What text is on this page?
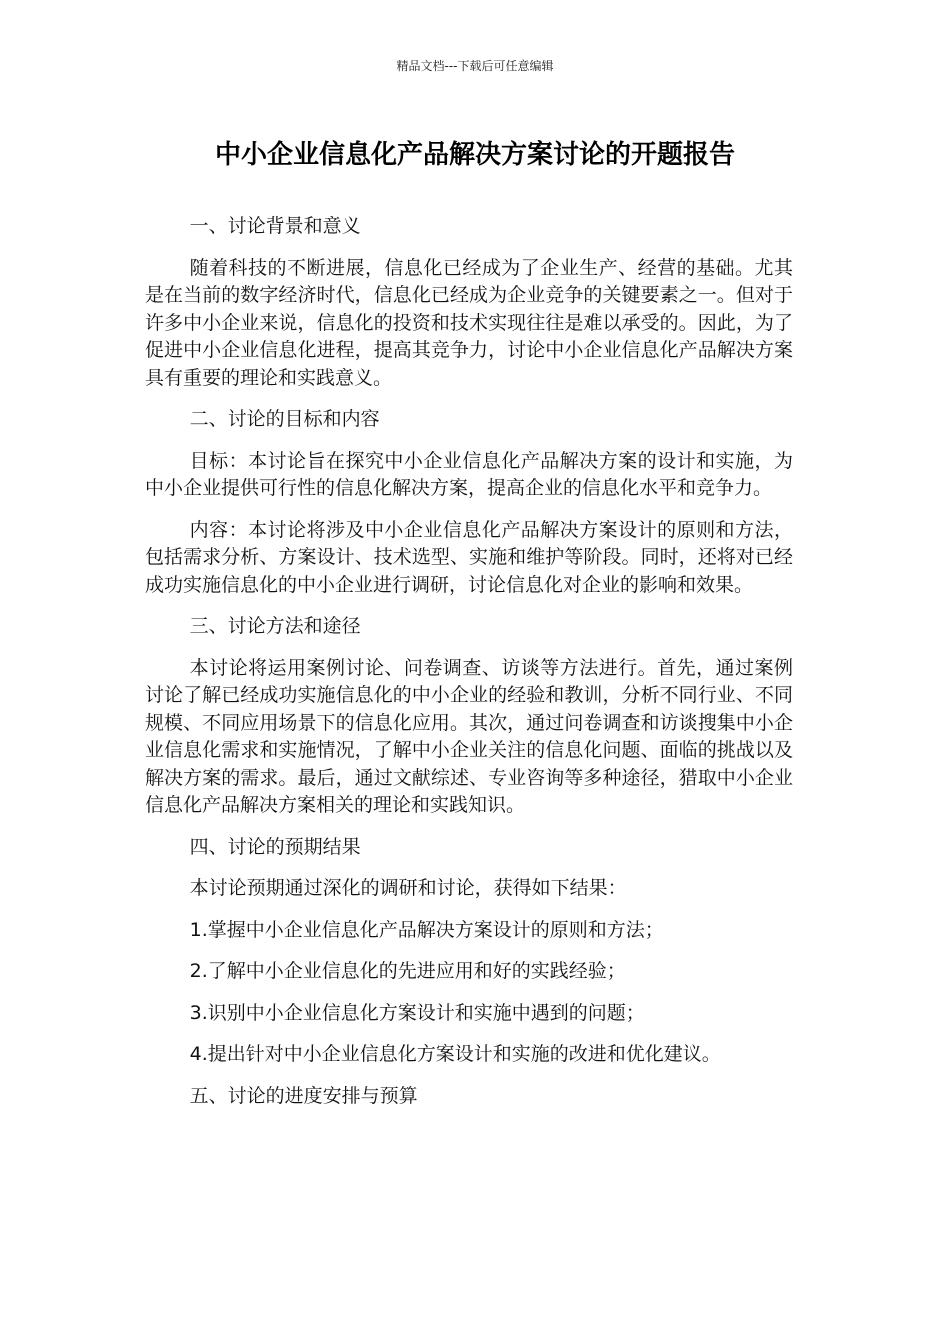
精品文档---下载后可任意编辑
中小企业信息化产品解决方案讨论的开题报告

一、讨论背景和意义

随着科技的不断进展，信息化已经成为了企业生产、经营的基础。尤其是在当前的数字经济时代，信息化已经成为企业竞争的关键要素之一。但对于许多中小企业来说，信息化的投资和技术实现往往是难以承受的。因此，为了促进中小企业信息化进程，提高其竞争力，讨论中小企业信息化产品解决方案具有重要的理论和实践意义。

二、讨论的目标和内容

目标：本讨论旨在探究中小企业信息化产品解决方案的设计和实施，为中小企业提供可行性的信息化解决方案，提高企业的信息化水平和竞争力。

内容：本讨论将涉及中小企业信息化产品解决方案设计的原则和方法，包括需求分析、方案设计、技术选型、实施和维护等阶段。同时，还将对已经成功实施信息化的中小企业进行调研，讨论信息化对企业的影响和效果。

三、讨论方法和途径

本讨论将运用案例讨论、问卷调查、访谈等方法进行。首先，通过案例讨论了解已经成功实施信息化的中小企业的经验和教训，分析不同行业、不同规模、不同应用场景下的信息化应用。其次，通过问卷调查和访谈搜集中小企业信息化需求和实施情况，了解中小企业关注的信息化问题、面临的挑战以及解决方案的需求。最后，通过文献综述、专业咨询等多种途径，猎取中小企业信息化产品解决方案相关的理论和实践知识。

四、讨论的预期结果

本讨论预期通过深化的调研和讨论，获得如下结果：

1.掌握中小企业信息化产品解决方案设计的原则和方法；

2.了解中小企业信息化的先进应用和好的实践经验；

3.识别中小企业信息化方案设计和实施中遇到的问题；

4.提出针对中小企业信息化方案设计和实施的改进和优化建议。

五、讨论的进度安排与预算
